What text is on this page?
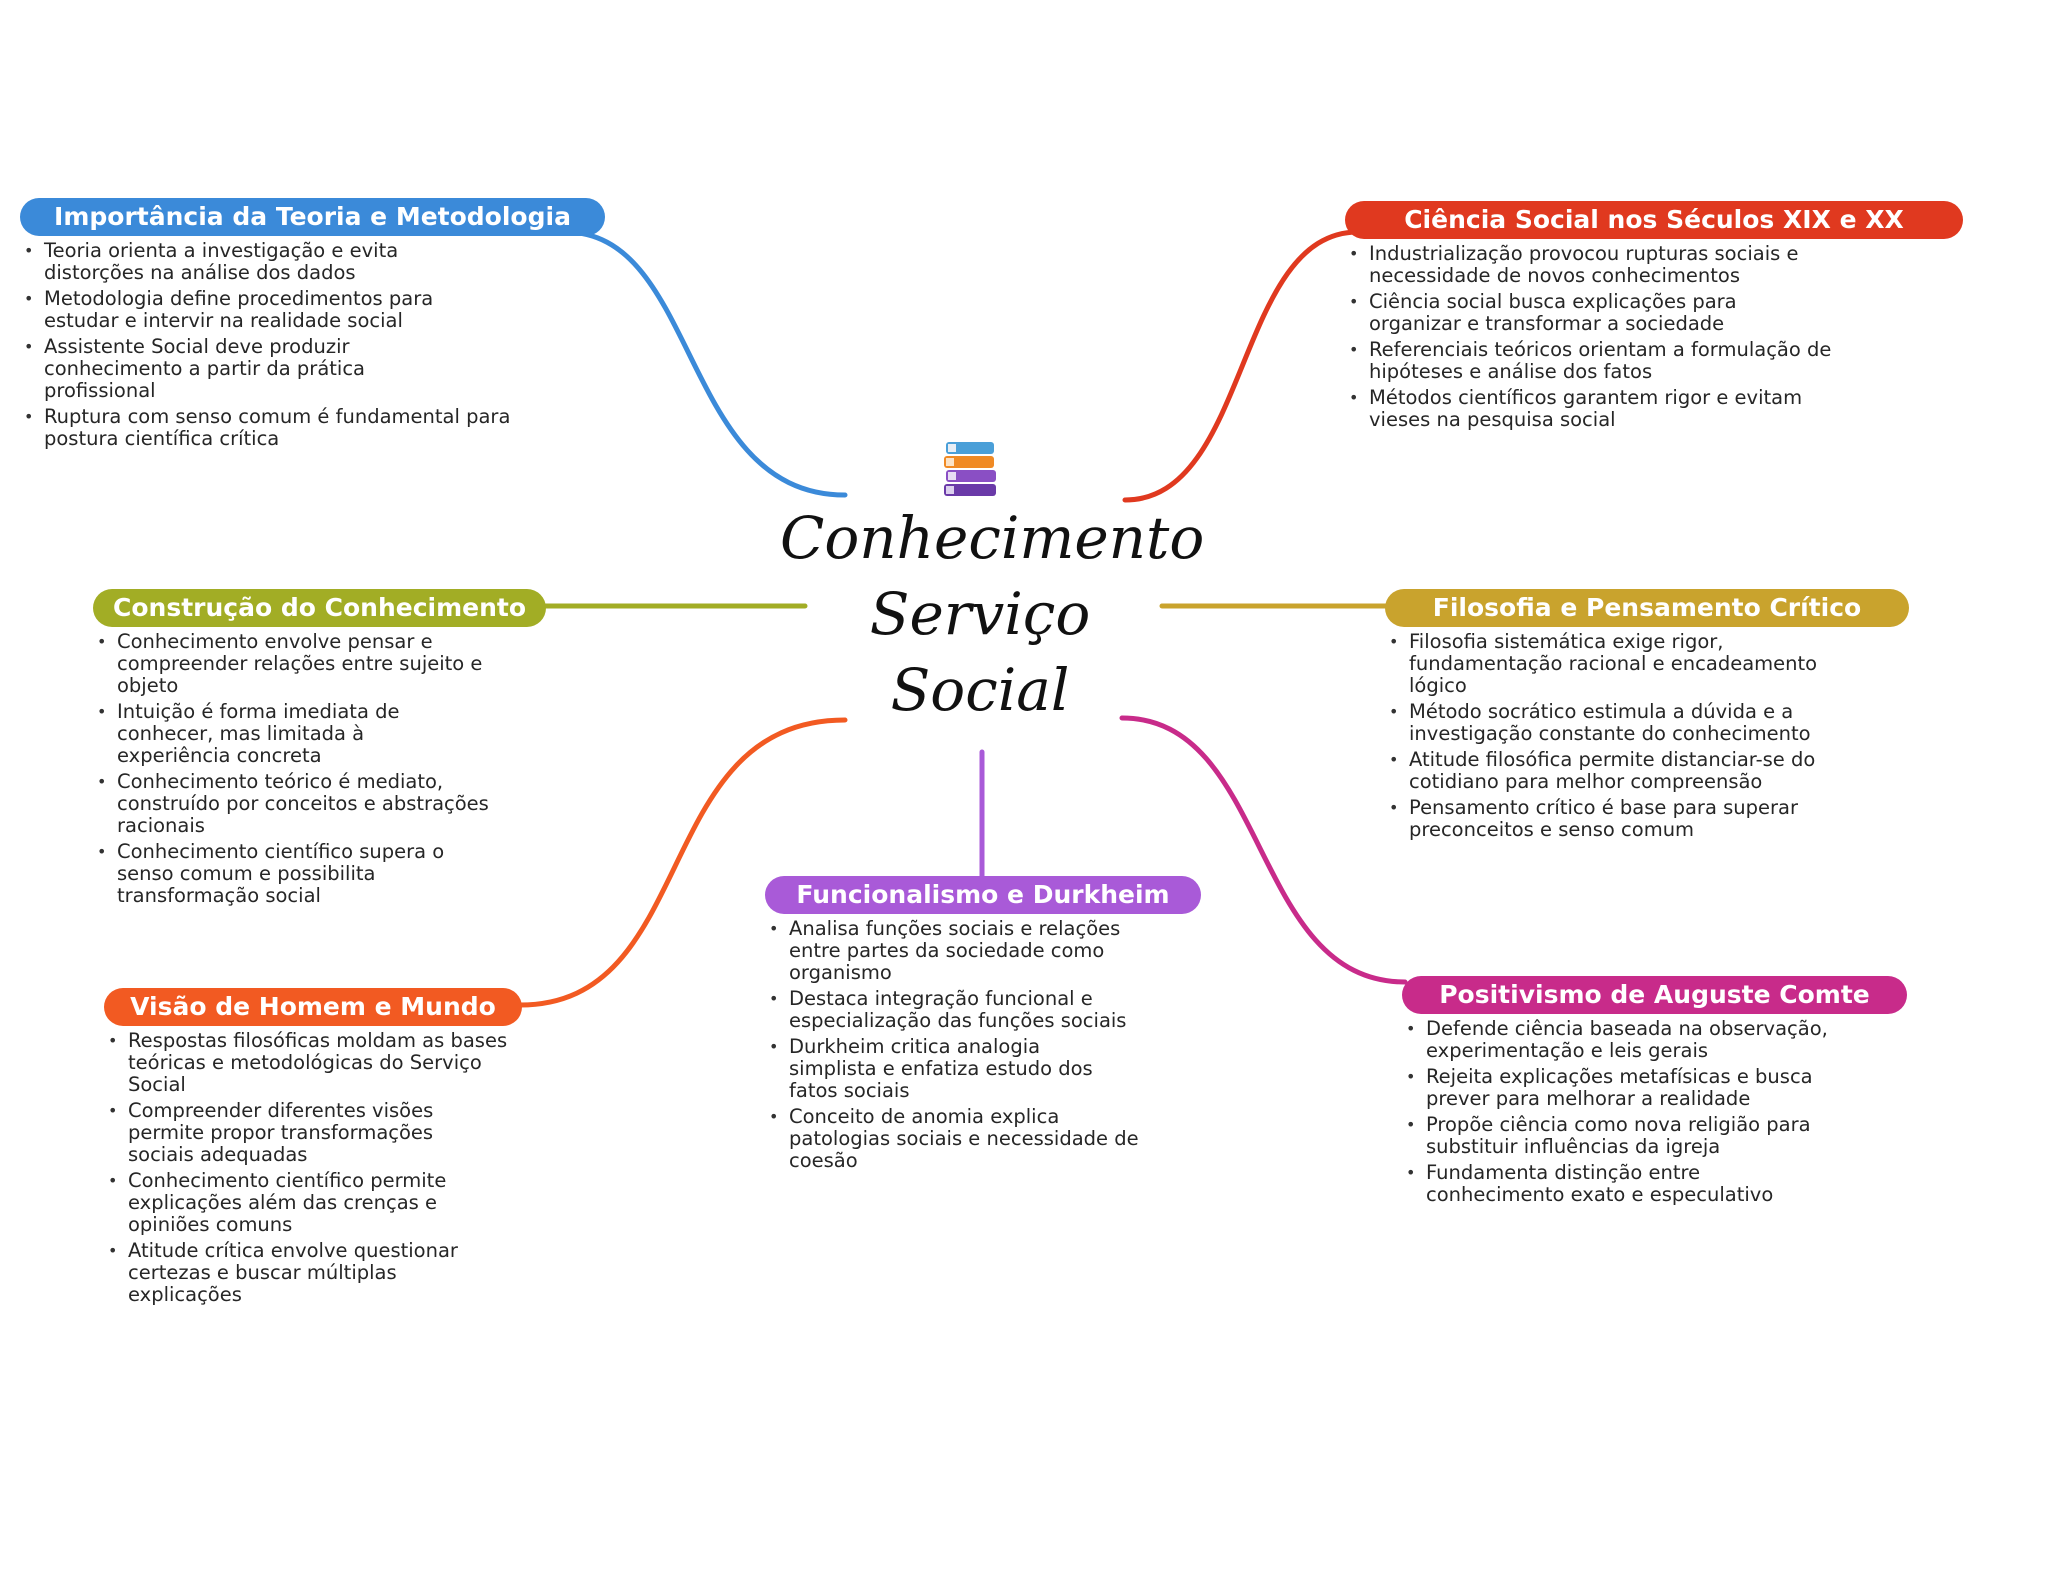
Conhecimento
Serviço
Social
Importância da Teoria e Metodologia
• Teoria orienta a investigação e evita distorções na análise dos dados
• Metodologia define procedimentos para estudar e intervir na realidade social
• Assistente Social deve produzir conhecimento a partir da prática profissional
• Ruptura com senso comum é fundamental para postura científica crítica
Ciência Social nos Séculos XIX e XX
• Industrialização provocou rupturas sociais e necessidade de novos conhecimentos
• Ciência social busca explicações para organizar e transformar a sociedade
• Referenciais teóricos orientam a formulação de hipóteses e análise dos fatos
• Métodos científicos garantem rigor e evitam vieses na pesquisa social
Construção do Conhecimento
• Conhecimento envolve pensar e compreender relações entre sujeito e objeto
• Intuição é forma imediata de conhecer, mas limitada à experiência concreta
• Conhecimento teórico é mediato, construído por conceitos e abstrações racionais
• Conhecimento científico supera o senso comum e possibilita transformação social
Filosofia e Pensamento Crítico
• Filosofia sistemática exige rigor, fundamentação racional e encadeamento lógico
• Método socrático estimula a dúvida e a investigação constante do conhecimento
• Atitude filosófica permite distanciar-se do cotidiano para melhor compreensão
• Pensamento crítico é base para superar preconceitos e senso comum
Funcionalismo e Durkheim
• Analisa funções sociais e relações entre partes da sociedade como organismo
• Destaca integração funcional e especialização das funções sociais
• Durkheim critica analogia simplista e enfatiza estudo dos fatos sociais
• Conceito de anomia explica patologias sociais e necessidade de coesão
Visão de Homem e Mundo
• Respostas filosóficas moldam as bases teóricas e metodológicas do Serviço Social
• Compreender diferentes visões permite propor transformações sociais adequadas
• Conhecimento científico permite explicações além das crenças e opiniões comuns
• Atitude crítica envolve questionar certezas e buscar múltiplas explicações
Positivismo de Auguste Comte
• Defende ciência baseada na observação, experimentação e leis gerais
• Rejeita explicações metafísicas e busca prever para melhorar a realidade
• Propõe ciência como nova religião para substituir influências da igreja
• Fundamenta distinção entre conhecimento exato e especulativo
